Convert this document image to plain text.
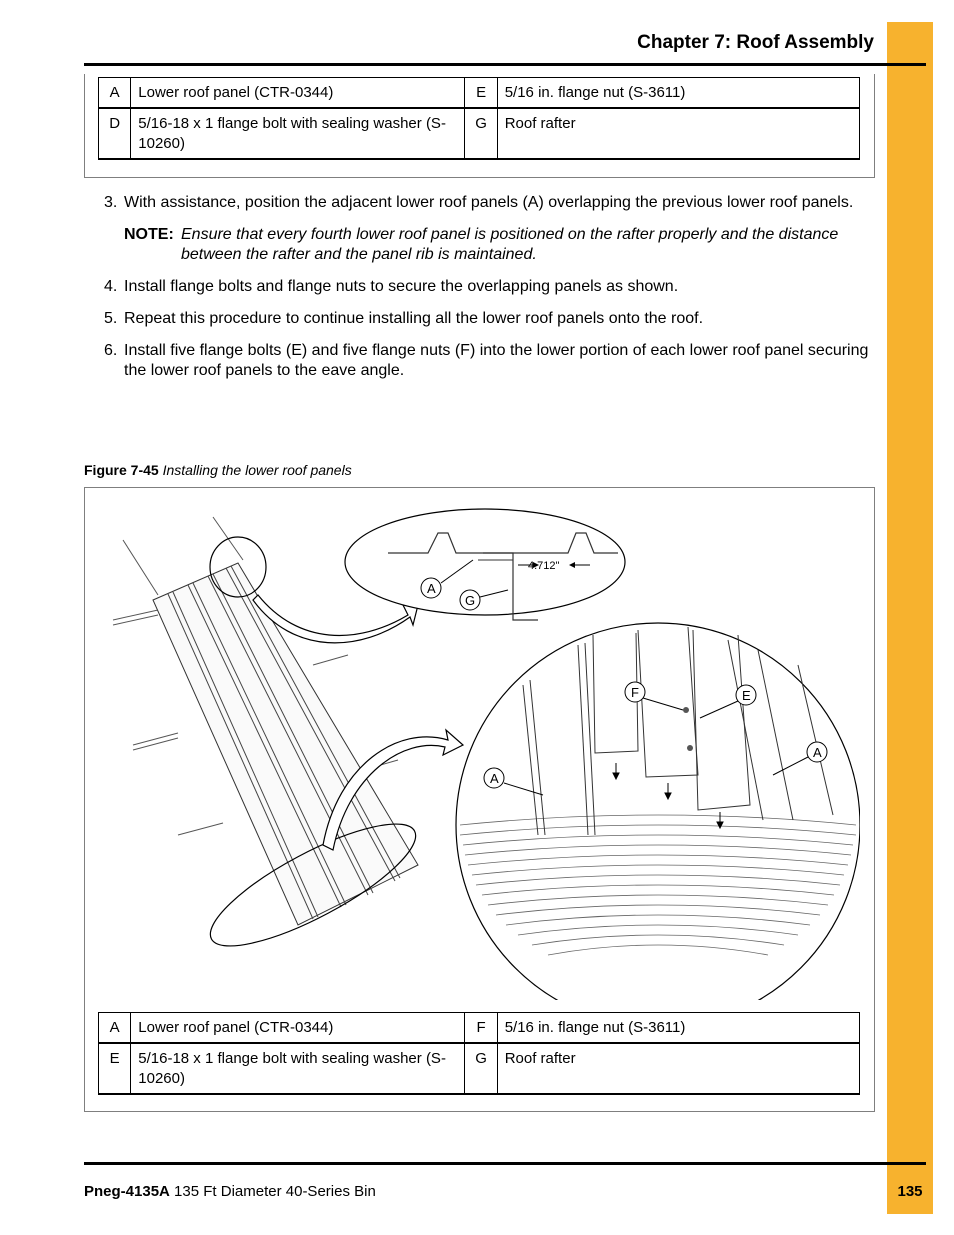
Chapter 7: Roof Assembly
A	Lower roof panel (CTR-0344)	E	5/16 in. flange nut (S-3611)
D	5/16-18 x 1 flange bolt with sealing washer (S-10260)	G	Roof rafter
3. With assistance, position the adjacent lower roof panels (A) overlapping the previous lower roof panels.
NOTE: Ensure that every fourth lower roof panel is positioned on the rafter properly and the distance between the rafter and the panel rib is maintained.
4. Install flange bolts and flange nuts to secure the overlapping panels as shown.
5. Repeat this procedure to continue installing all the lower roof panels onto the roof.
6. Install five flange bolts (E) and five flange nuts (F) into the lower portion of each lower roof panel securing the lower roof panels to the eave angle.
Figure 7-45 Installing the lower roof panels
4.712"
A
G
F	E
A
A
A	Lower roof panel (CTR-0344)	F	5/16 in. flange nut (S-3611)
E	5/16-18 x 1 flange bolt with sealing washer (S-10260)	G	Roof rafter
Pneg-4135A 135 Ft Diameter 40-Series Bin	135
